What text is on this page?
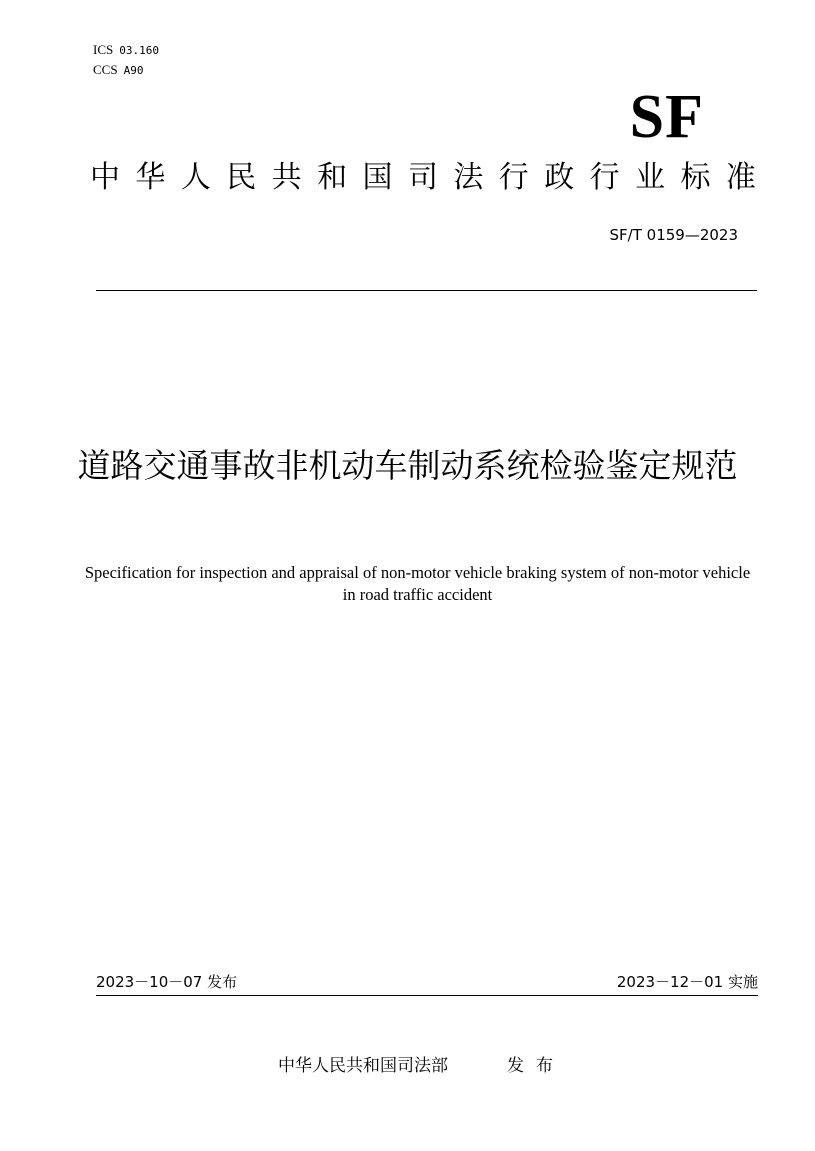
ICS 03.160
CCS A90
SF
中 华 人 民 共 和 国 司 法 行 政 行 业 标 准
SF/T 0159—2023
道路交通事故非机动车制动系统检验鉴定规范
Specification for inspection and appraisal of non-motor vehicle braking system of non-motor vehicle in road traffic accident
2023－10－07 发布	2023－12－01 实施
中华人民共和国司法部	发布
